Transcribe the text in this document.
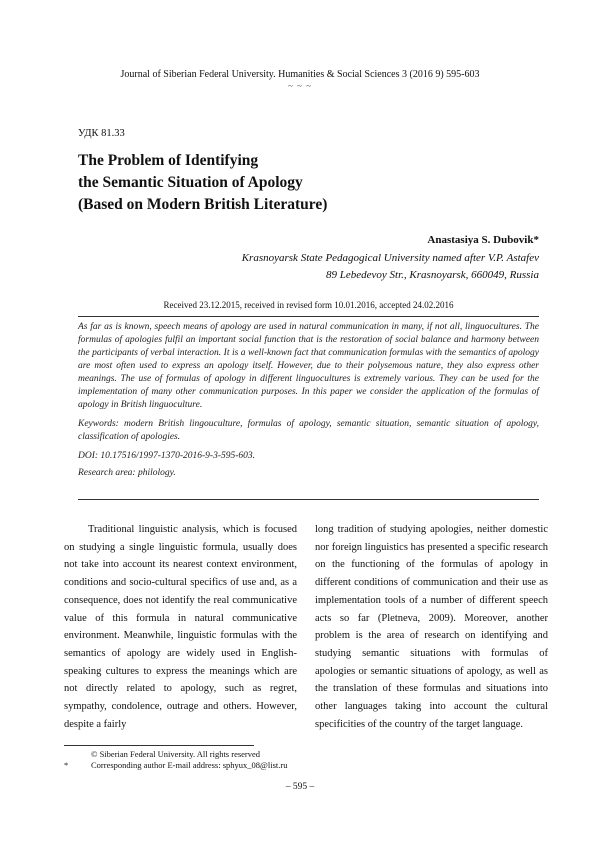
Journal of Siberian Federal University. Humanities & Social Sciences 3 (2016 9) 595-603
~ ~ ~
УДК 81.33
The Problem of Identifying
the Semantic Situation of Apology
(Based on Modern British Literature)
Anastasiya S. Dubovik*
Krasnoyarsk State Pedagogical University named after V.P. Astafev
89 Lebedevoy Str., Krasnoyarsk, 660049, Russia
Received 23.12.2015, received in revised form 10.01.2016, accepted 24.02.2016

As far as is known, speech means of apology are used in natural communication in many, if not all, linguocultures. The formulas of apologies fulfil an important social function that is the restoration of social balance and harmony between the participants of verbal interaction. It is a well-known fact that communication formulas with the semantics of apology are most often used to express an apology itself. However, due to their polysemous nature, they also express other meanings. The use of formulas of apology in different linguocultures is extremely various. They can be used for the implementation of many other communication purposes. In this paper we consider the application of the formulas of apology in British linguoculture.

Keywords: modern British lingouculture, formulas of apology, semantic situation, semantic situation of apology, classification of apologies.

DOI: 10.17516/1997-1370-2016-9-3-595-603.

Research area: philology.

Traditional linguistic analysis, which is focused on studying a single linguistic formula, usually does not take into account its nearest context environment, conditions and socio-cultural specifics of use and, as a consequence, does not identify the real communicative value of this formula in natural communicative environment. Meanwhile, linguistic formulas with the semantics of apology are widely used in English-speaking cultures to express the meanings which are not directly related to apology, such as regret, sympathy, condolence, outrage and others. However, despite a fairly

long tradition of studying apologies, neither domestic nor foreign linguistics has presented a specific research on the functioning of the formulas of apology in different conditions of communication and their use as implementation tools of a number of different speech acts so far (Pletneva, 2009). Moreover, another problem is the area of research on identifying and studying semantic situations with formulas of apologies or semantic situations of apology, as well as the translation of these formulas and situations into other languages taking into account the cultural specificities of the country of the target language.

© Siberian Federal University. All rights reserved
*	Corresponding author E-mail address: sphyux_08@list.ru
– 595 –
